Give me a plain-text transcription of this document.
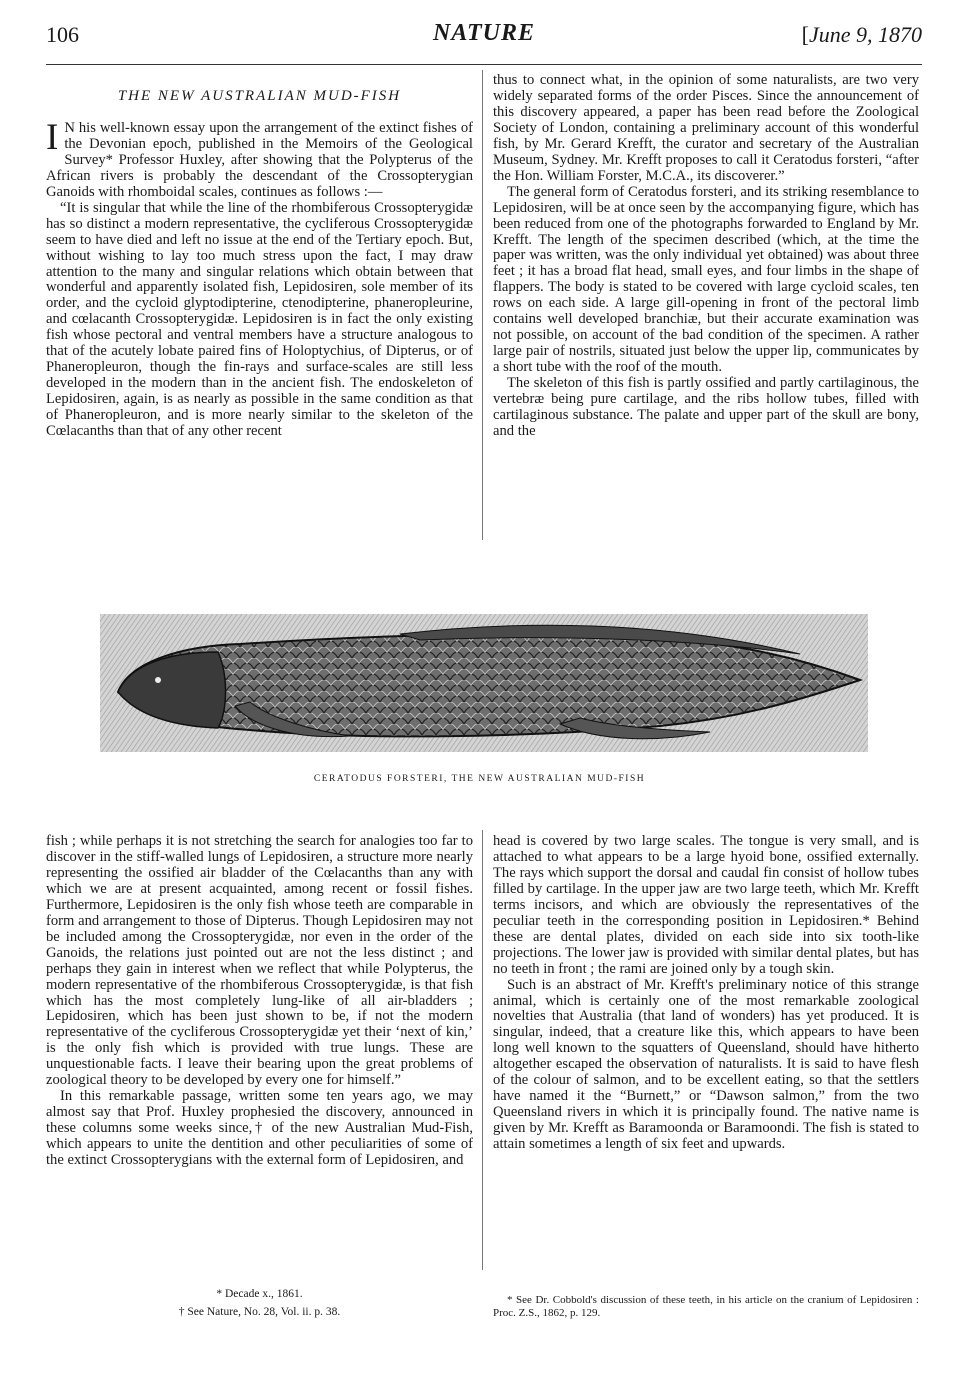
106	NATURE	[June 9, 1870
THE NEW AUSTRALIAN MUD-FISH

I N his well-known essay upon the arrangement of the extinct fishes of the Devonian epoch, published in the Memoirs of the Geological Survey* Professor Huxley, after showing that the Polypterus of the African rivers is probably the descendant of the Crossopterygian Ganoids with rhomboidal scales, continues as follows :—

“It is singular that while the line of the rhombiferous Crossopterygidæ has so distinct a modern representative, the cycliferous Crossopterygidæ seem to have died and left no issue at the end of the Tertiary epoch. But, without wishing to lay too much stress upon the fact, I may draw attention to the many and singular relations which obtain between that wonderful and apparently isolated fish, Lepidosiren, sole member of its order, and the cycloid glyptodipterine, ctenodipterine, phaneropleurine, and cœlacanth Crossopterygidæ. Lepidosiren is in fact the only existing fish whose pectoral and ventral members have a structure analogous to that of the acutely lobate paired fins of Holoptychius, of Dipterus, or of Phaneropleuron, though the fin-rays and surface-scales are still less developed in the modern than in the ancient fish. The endoskeleton of Lepidosiren, again, is as nearly as possible in the same condition as that of Phaneropleuron, and is more nearly similar to the skeleton of the Cœlacanths than that of any other recent

thus to connect what, in the opinion of some naturalists, are two very widely separated forms of the order Pisces. Since the announcement of this discovery appeared, a paper has been read before the Zoological Society of London, containing a preliminary account of this wonderful fish, by Mr. Gerard Krefft, the curator and secretary of the Australian Museum, Sydney. Mr. Krefft proposes to call it Ceratodus forsteri, “after the Hon. William Forster, M.C.A., its discoverer.”

The general form of Ceratodus forsteri, and its striking resemblance to Lepidosiren, will be at once seen by the accompanying figure, which has been reduced from one of the photographs forwarded to England by Mr. Krefft. The length of the specimen described (which, at the time the paper was written, was the only individual yet obtained) was about three feet ; it has a broad flat head, small eyes, and four limbs in the shape of flappers. The body is stated to be covered with large cycloid scales, ten rows on each side. A large gill-opening in front of the pectoral limb contains well developed branchiæ, but their accurate examination was not possible, on account of the bad condition of the specimen. A rather large pair of nostrils, situated just below the upper lip, communicates by a short tube with the roof of the mouth.

The skeleton of this fish is partly ossified and partly cartilaginous, the vertebræ being pure cartilage, and the ribs hollow tubes, filled with cartilaginous substance. The palate and upper part of the skull are bony, and the

CERATODUS FORSTERI, THE NEW AUSTRALIAN MUD-FISH

fish ; while perhaps it is not stretching the search for analogies too far to discover in the stiff-walled lungs of Lepidosiren, a structure more nearly representing the ossified air bladder of the Cœlacanths than any with which we are at present acquainted, among recent or fossil fishes. Furthermore, Lepidosiren is the only fish whose teeth are comparable in form and arrangement to those of Dipterus. Though Lepidosiren may not be included among the Crossopterygidæ, nor even in the order of the Ganoids, the relations just pointed out are not the less distinct ; and perhaps they gain in interest when we reflect that while Polypterus, the modern representative of the rhombiferous Crossopterygidæ, is that fish which has the most completely lung-like of all air-bladders ; Lepidosiren, which has been just shown to be, if not the modern representative of the cycliferous Crossopterygidæ yet their ‘next of kin,’ is the only fish which is provided with true lungs. These are unquestionable facts. I leave their bearing upon the great problems of zoological theory to be developed by every one for himself.”

In this remarkable passage, written some ten years ago, we may almost say that Prof. Huxley prophesied the discovery, announced in these columns some weeks since,† of the new Australian Mud-Fish, which appears to unite the dentition and other peculiarities of some of the extinct Crossopterygians with the external form of Lepidosiren, and

head is covered by two large scales. The tongue is very small, and is attached to what appears to be a large hyoid bone, ossified externally. The rays which support the dorsal and caudal fin consist of hollow tubes filled by cartilage. In the upper jaw are two large teeth, which Mr. Krefft terms incisors, and which are obviously the representatives of the peculiar teeth in the corresponding position in Lepidosiren.* Behind these are dental plates, divided on each side into six tooth-like projections. The lower jaw is provided with similar dental plates, but has no teeth in front ; the rami are joined only by a tough skin.

Such is an abstract of Mr. Krefft's preliminary notice of this strange animal, which is certainly one of the most remarkable zoological novelties that Australia (that land of wonders) has yet produced. It is singular, indeed, that a creature like this, which appears to have been long well known to the squatters of Queensland, should have hitherto altogether escaped the observation of naturalists. It is said to have flesh of the colour of salmon, and to be excellent eating, so that the settlers have named it the “Burnett,” or “Dawson salmon,” from the two Queensland rivers in which it is principally found. The native name is given by Mr. Krefft as Baramoonda or Baramoondi. The fish is stated to attain sometimes a length of six feet and upwards.

* Decade x., 1861.

† See Nature, No. 28, Vol. ii. p. 38.

* See Dr. Cobbold's discussion of these teeth, in his article on the cranium of Lepidosiren : Proc. Z.S., 1862, p. 129.
